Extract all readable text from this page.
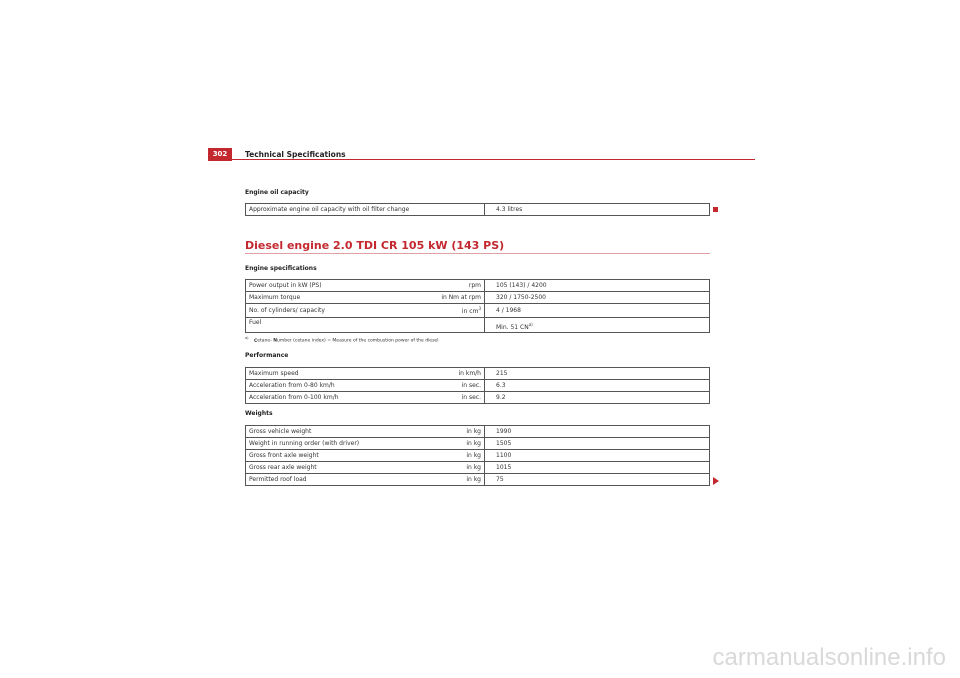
302	Technical Specifications
Engine oil capacity
Approximate engine oil capacity with oil filter change		4.3 litres
Diesel engine 2.0 TDI CR 105 kW (143 PS)
Engine specifications
Power output in kW (PS)	rpm	105 (143) / 4200
Maximum torque	in Nm at rpm	320 / 1750-2500
No. of cylinders/ capacity	in $cm^3$	4 / 1968
Fuel		Min. 51 CN$^{a)}$
$^{a)}$ Cetane- Number (cetane index) = Measure of the combustion power of the diesel
Performance
Maximum speed	in km/h	215
Acceleration from 0-80 km/h	in sec.	6.3
Acceleration from 0-100 km/h	in sec.	9.2
Weights
Gross vehicle weight	in kg	1990
Weight in running order (with driver)	in kg	1505
Gross front axle weight	in kg	1100
Gross rear axle weight	in kg	1015
Permitted roof load	in kg	75
carmanualsonline.info
